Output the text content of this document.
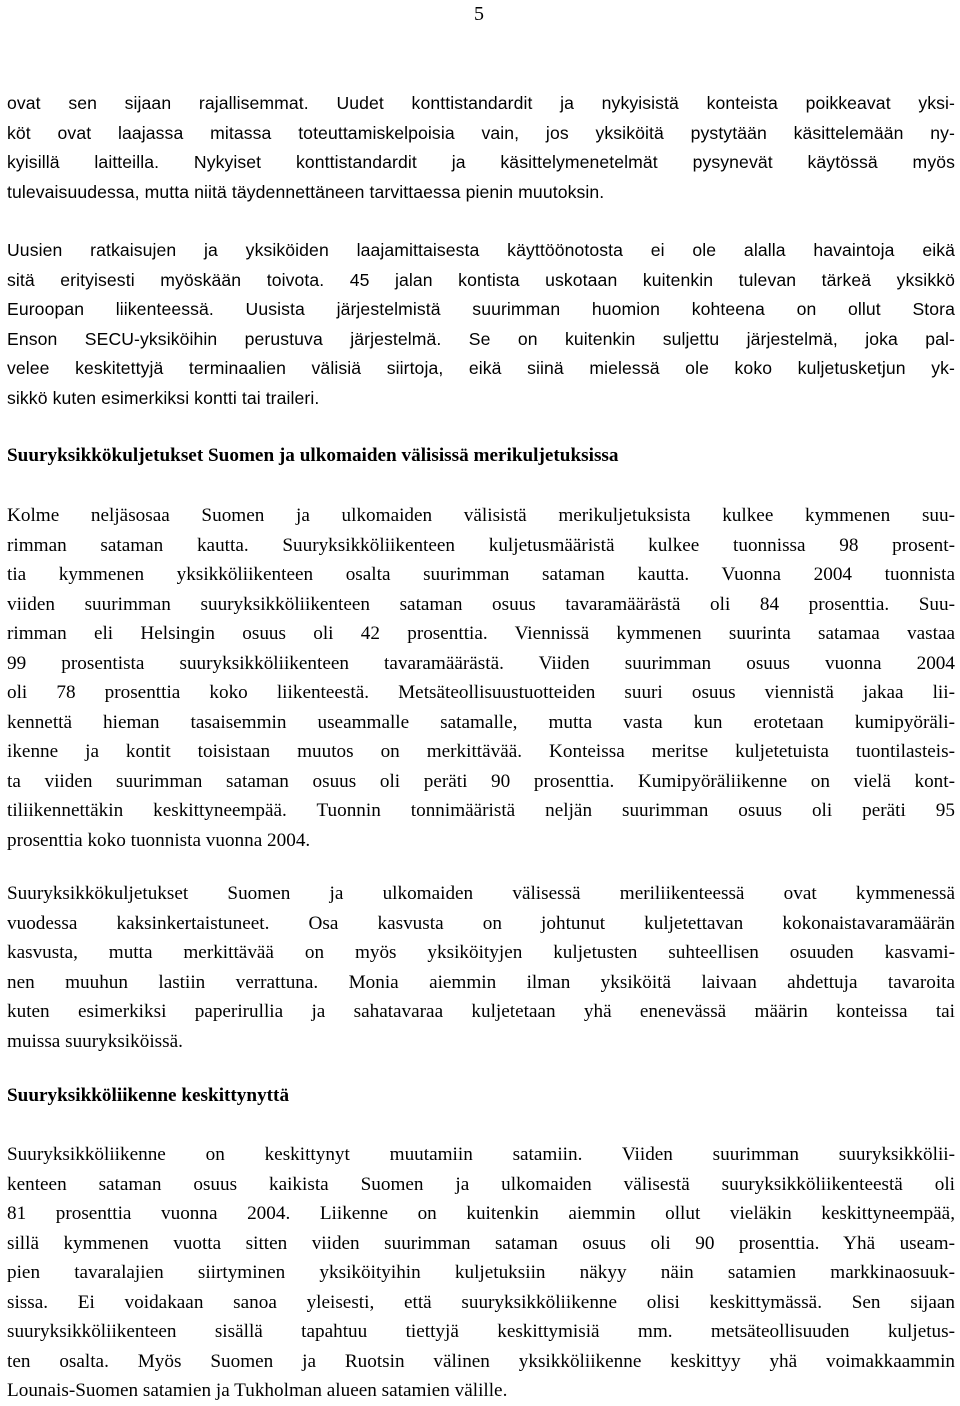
5
ovat sen sijaan rajallisemmat. Uudet konttistandardit ja nykyisistä konteista poikkeavat yksi-
köt ovat laajassa mitassa toteuttamiskelpoisia vain, jos yksiköitä pystytään käsittelemään ny-
kyisillä laitteilla. Nykyiset konttistandardit ja käsittelymenetelmät pysynevät käytössä myös
tulevaisuudessa, mutta niitä täydennettäneen tarvittaessa pienin muutoksin.
Uusien ratkaisujen ja yksiköiden laajamittaisesta käyttöönotosta ei ole alalla havaintoja eikä
sitä erityisesti myöskään toivota. 45 jalan kontista uskotaan kuitenkin tulevan tärkeä yksikkö
Euroopan liikenteessä. Uusista järjestelmistä suurimman huomion kohteena on ollut Stora
Enson SECU-yksiköihin perustuva järjestelmä. Se on kuitenkin suljettu järjestelmä, joka pal-
velee keskitettyjä terminaalien välisiä siirtoja, eikä siinä mielessä ole koko kuljetusketjun yk-
sikkö kuten esimerkiksi kontti tai traileri.
Suuryksikkökuljetukset Suomen ja ulkomaiden välisissä merikuljetuksissa
Kolme neljäsosaa Suomen ja ulkomaiden välisistä merikuljetuksista kulkee kymmenen suu-
rimman sataman kautta. Suuryksikköliikenteen kuljetusmääristä kulkee tuonnissa 98 prosent-
tia kymmenen yksikköliikenteen osalta suurimman sataman kautta. Vuonna 2004 tuonnista
viiden suurimman suuryksikköliikenteen sataman osuus tavaramäärästä oli 84 prosenttia. Suu-
rimman eli Helsingin osuus oli 42 prosenttia. Viennissä kymmenen suurinta satamaa vastaa
99 prosentista suuryksikköliikenteen tavaramäärästä. Viiden suurimman osuus vuonna 2004
oli 78 prosenttia koko liikenteestä. Metsäteollisuustuotteiden suuri osuus viennistä jakaa lii-
kennettä hieman tasaisemmin useammalle satamalle, mutta vasta kun erotetaan kumipyöräli-
ikenne ja kontit toisistaan muutos on merkittävää. Konteissa meritse kuljetetuista tuontilasteis-
ta viiden suurimman sataman osuus oli peräti 90 prosenttia. Kumipyöräliikenne on vielä kont-
tiliikennettäkin keskittyneempää. Tuonnin tonnimääristä neljän suurimman osuus oli peräti 95
prosenttia koko tuonnista vuonna 2004.
Suuryksikkökuljetukset Suomen ja ulkomaiden välisessä meriliikenteessä ovat kymmenessä
vuodessa kaksinkertaistuneet. Osa kasvusta on johtunut kuljetettavan kokonaistavaramäärän
kasvusta, mutta merkittävää on myös yksiköityjen kuljetusten suhteellisen osuuden kasvami-
nen muuhun lastiin verrattuna. Monia aiemmin ilman yksiköitä laivaan ahdettuja tavaroita
kuten esimerkiksi paperirullia ja sahatavaraa kuljetetaan yhä enenevässä määrin konteissa tai
muissa suuryksiköissä.
Suuryksikköliikenne keskittynyttä
Suuryksikköliikenne on keskittynyt muutamiin satamiin. Viiden suurimman suuryksikkölii-
kenteen sataman osuus kaikista Suomen ja ulkomaiden välisestä suuryksikköliikenteestä oli
81 prosenttia vuonna 2004. Liikenne on kuitenkin aiemmin ollut vieläkin keskittyneempää,
sillä kymmenen vuotta sitten viiden suurimman sataman osuus oli 90 prosenttia. Yhä useam-
pien tavaralajien siirtyminen yksiköityihin kuljetuksiin näkyy näin satamien markkinaosuuk-
sissa. Ei voidakaan sanoa yleisesti, että suuryksikköliikenne olisi keskittymässä. Sen sijaan
suuryksikköliikenteen sisällä tapahtuu tiettyjä keskittymisiä mm. metsäteollisuuden kuljetus-
ten osalta. Myös Suomen ja Ruotsin välinen yksikköliikenne keskittyy yhä voimakkaammin
Lounais-Suomen satamien ja Tukholman alueen satamien välille.
